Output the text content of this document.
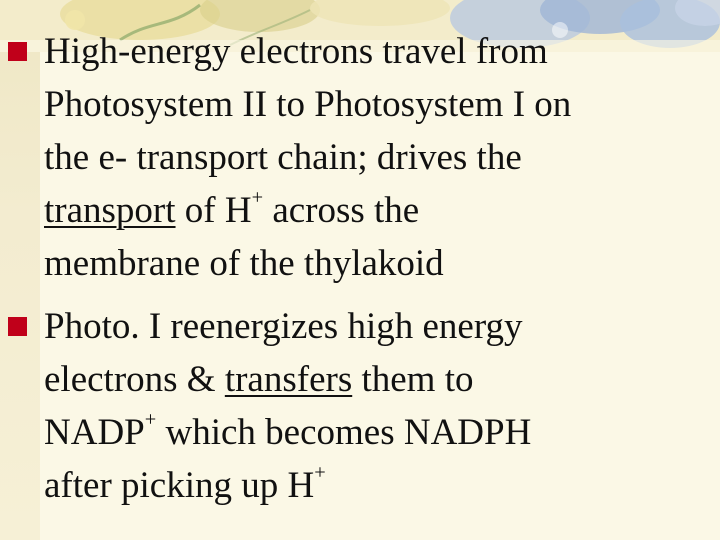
High-energy electrons travel from
Photosystem II to Photosystem I on
the e- transport chain; drives the
transport of H+ across the
membrane of the thylakoid
Photo. I reenergizes high energy
electrons & transfers them to
NADP+ which becomes NADPH
after picking up H+
